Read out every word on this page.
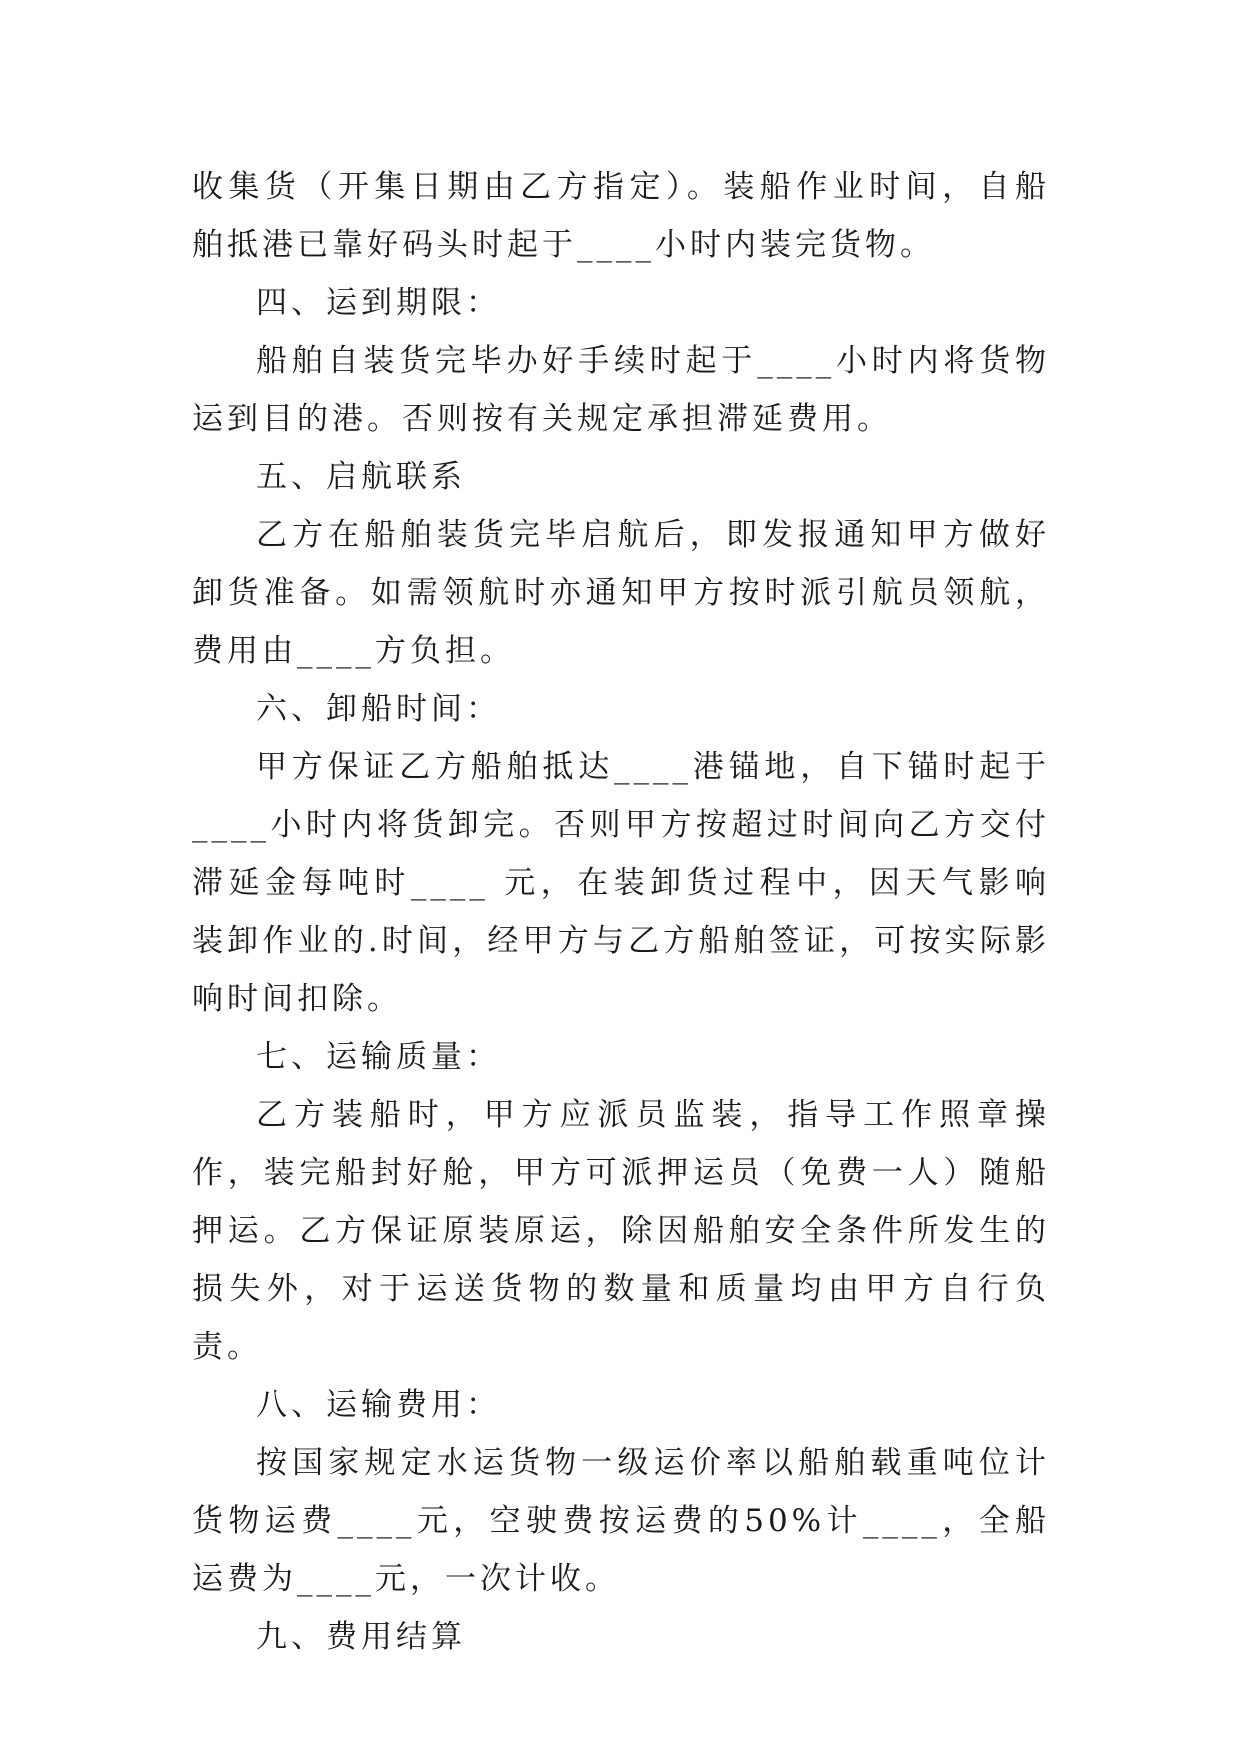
收集货（开集日期由乙方指定）。装船作业时间，自船舶抵港已靠好码头时起于____小时内装完货物。

四、运到期限：

船舶自装货完毕办好手续时起于____小时内将货物运到目的港。否则按有关规定承担滞延费用。

五、启航联系

乙方在船舶装货完毕启航后，即发报通知甲方做好卸货准备。如需领航时亦通知甲方按时派引航员领航，费用由____方负担。

六、卸船时间：

甲方保证乙方船舶抵达____港锚地，自下锚时起于____小时内将货卸完。否则甲方按超过时间向乙方交付滞延金每吨时____ 元，在装卸货过程中，因天气影响装卸作业的.时间，经甲方与乙方船舶签证，可按实际影响时间扣除。

七、运输质量：

乙方装船时，甲方应派员监装，指导工作照章操作，装完船封好舱，甲方可派押运员（免费一人）随船押运。乙方保证原装原运，除因船舶安全条件所发生的损失外，对于运送货物的数量和质量均由甲方自行负责。

八、运输费用：

按国家规定水运货物一级运价率以船舶载重吨位计货物运费____元，空驶费按运费的50%计____，全船运费为____元，一次计收。

九、费用结算
